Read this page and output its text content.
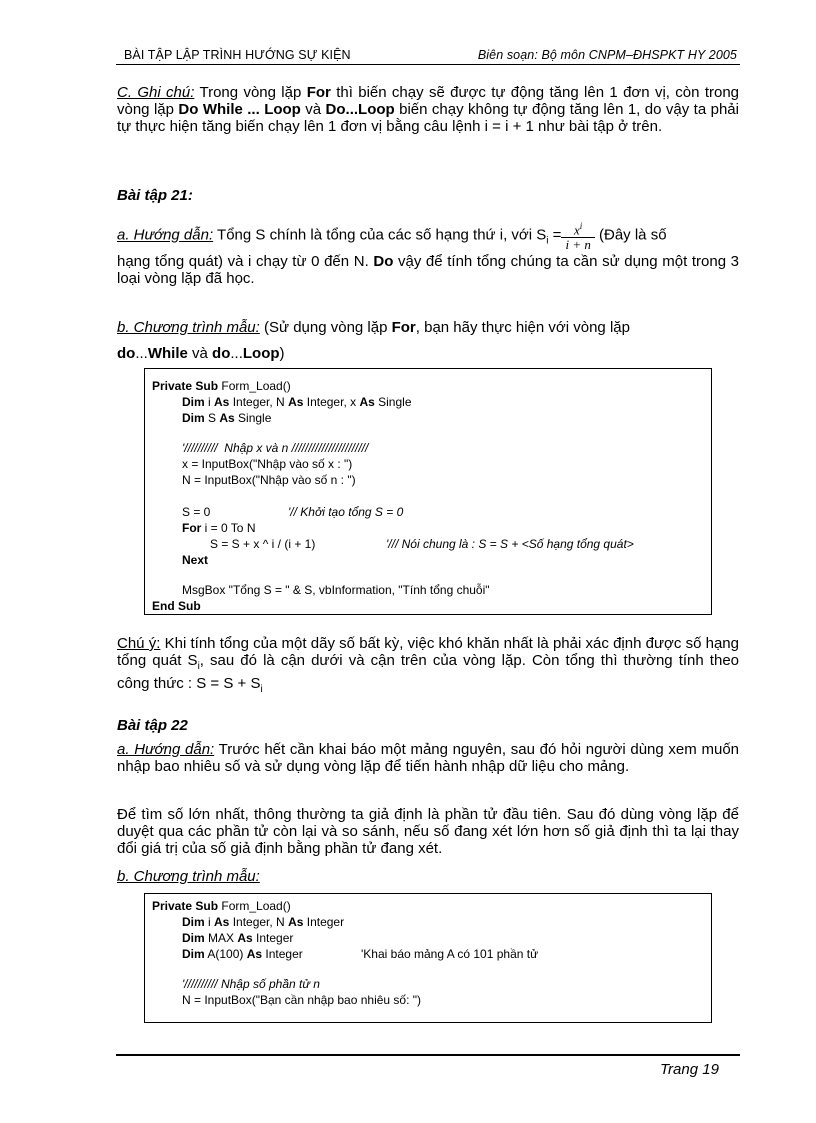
BÀI TẬP LẬP TRÌNH HƯỚNG SỰ KIỆN	Biên soạn: Bộ môn CNPM–ĐHSPKT HY 2005
C. Ghi chú: Trong vòng lặp For thì biến chạy sẽ được tự động tăng lên 1 đơn vị, còn trong vòng lặp Do While ... Loop và Do...Loop biến chạy không tự động tăng lên 1, do vậy ta phải tự thực hiện tăng biến chạy lên 1 đơn vị bằng câu lệnh i = i + 1 như bài tập ở trên.
Bài tập 21:
a. Hướng dẫn: Tổng S chính là tổng của các số hạng thứ i, với $S_i = \frac{x^i}{i + n}$ (Đây là số
hạng tổng quát) và i chạy từ 0 đến N. Do vậy để tính tổng chúng ta cần sử dụng một trong 3 loại vòng lặp đã học.
b. Chương trình mẫu: (Sử dụng vòng lặp For, bạn hãy thực hiện với vòng lặp
do...While và do...Loop)
Private Sub Form_Load()
Dim i As Integer, N As Integer, x As Single
Dim S As Single
'//////////  Nhập x và n ///////////////////////
x = InputBox("Nhập vào số x : ")
N = InputBox("Nhập vào số n : ")
S = 0	'// Khởi tạo tổng S = 0
For i = 0 To N
S = S + x ^ i / (i + 1)	'/// Nói chung là : S = S + <Số hạng tổng quát>
Next
MsgBox "Tổng S = " & S, vbInformation, "Tính tổng chuỗi"
End Sub
Chú ý: Khi tính tổng của một dãy số bất kỳ, việc khó khăn nhất là phải xác định được số hạng tổng quát $S_i$, sau đó là cận dưới và cận trên của vòng lặp. Còn tổng thì thường tính theo công thức : $S = S + S_i$
Bài tập 22
a. Hướng dẫn: Trước hết cần khai báo một mảng nguyên, sau đó hỏi người dùng xem muốn nhập bao nhiêu số và sử dụng vòng lặp để tiến hành nhập dữ liệu cho mảng.
Để tìm số lớn nhất, thông thường ta giả định là phần tử đầu tiên. Sau đó dùng vòng lặp để duyệt qua các phần tử còn lại và so sánh, nếu số đang xét lớn hơn số giả định thì ta lại thay đổi giá trị của số giả định bằng phần tử đang xét.
b. Chương trình mẫu:
Private Sub Form_Load()
Dim i As Integer, N As Integer
Dim MAX As Integer
Dim A(100) As Integer	'Khai báo mảng A có 101 phần tử
'////////// Nhập số phần tử n
N = InputBox("Bạn cần nhập bao nhiêu số: ")
Trang 19
